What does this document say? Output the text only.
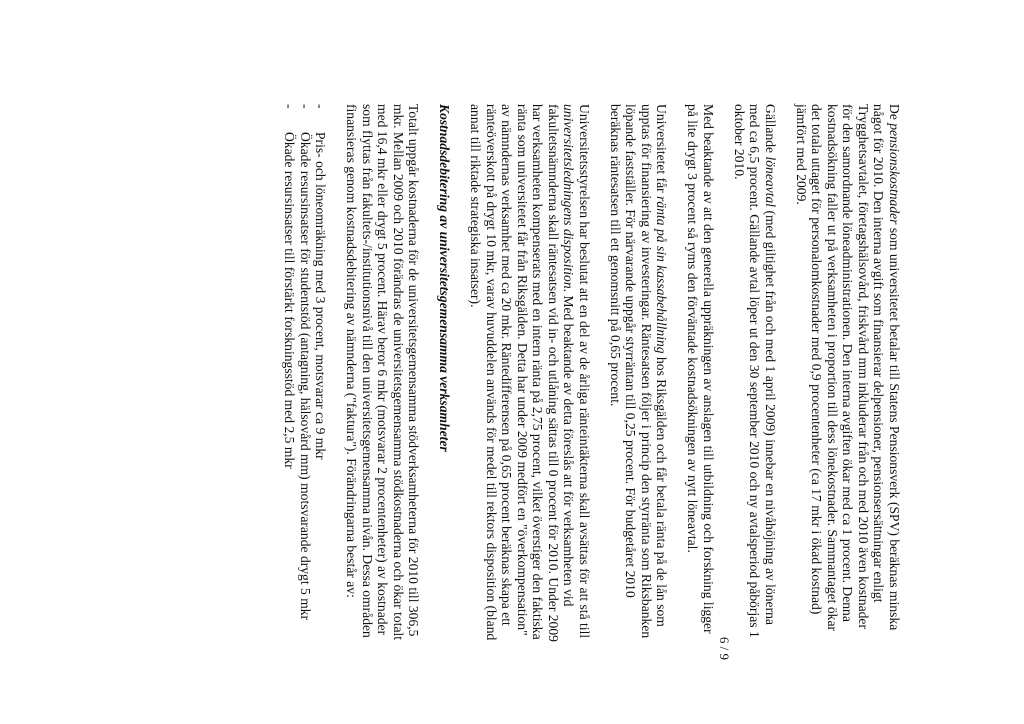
6 / 9

De pensionskostnader som universitetet betalar till Statens Pensionsverk (SPV) beräknas minska något för 2010. Den interna avgift som finansierar delpensioner, pensionsersättningar enligt Trygghetsavtalet, företagshälsovård, friskvård mm inkluderar från och med 2010 även kostnader för den samordnande löneadministrationen. Den interna avgiften ökar med ca 1 procent. Denna kostnadsökning faller ut på verksamheten i proportion till dess lönekostnader. Sammantaget ökar det totala uttaget för personalomkostnader med 0,9 procentenheter (ca 17 mkr i ökad kostnad) jämfört med 2009.

Gällande löneavtal (med giltighet från och med 1 april 2009) innebar en nivåhöjning av lönerna med ca 6,5 procent. Gällande avtal löper ut den 30 september 2010 och ny avtalsperiod påbörjas 1 oktober 2010.

Med beaktande av att den generella uppräkningen av anslagen till utbildning och forskning ligger på lite drygt 3 procent så ryms den förväntade kostnadsökningen av nytt löneavtal.

Universitetet får ränta på sin kassabehållning hos Riksgälden och får betala ränta på de lån som upptas för finansiering av investeringar. Räntesatsen följer i princip den styrränta som Riksbanken löpande fastställer. För närvarande uppgår styrräntan till 0,25 procent. För budgetåret 2010 beräknas räntesatsen till ett genomsnitt på 0,65 procent.

Universitetsstyrelsen har beslutat att en del av de årliga ränteintäkterna skall avsättas för att stå till universitetsledningens disposition. Med beaktande av detta föreslås att för verksamheten vid fakultetsnämnderna skall räntesatsen vid in- och utlåning sättas till 0 procent för 2010. Under 2009 har verksamheten kompenserats med en intern ränta på 2,75 procent, vilket överstiger den faktiska ränta som universitetet får från Riksgälden. Detta har under 2009 medfört en "överkompensation" av nämndernas verksamhet med ca 20 mkr. Räntedifferensen på 0,65 procent beräknas skapa ett ränteöverskott på drygt 10 mkr, varav huvuddelen används för medel till rektors disposition (bland annat till riktade strategiska insatser).

Kostnadsdebitering av universitetsgemensamma verksamheter

Totalt uppgår kostnaderna för de universitetsgemensamma stödverksamheterna för 2010 till 306,5 mkr. Mellan 2009 och 2010 förändras de universitetsgemensamma stödkostnaderna och ökar totalt med 16,4 mkr eller drygt 5 procent. Härav beror 6 mkr (motsvarar 2 procentenheter) av kostnader som flyttas från fakultets-/institutionsnivå till den universitetsgemensamma nivån. Dessa områden finansieras genom kostnadsdebitering av nämnderna ("fakturа"). Förändringarna består av:

-
Pris- och löneomräkning med 3 procent, motsvarar ca 9 mkr
-
Ökade resursinsatser för studentstöd (antagning, hälsovård mm) motsvarande drygt 5 mkr
-
Ökade resursinsatser till förstärkt forskningsstöd med 2,5 mkr
